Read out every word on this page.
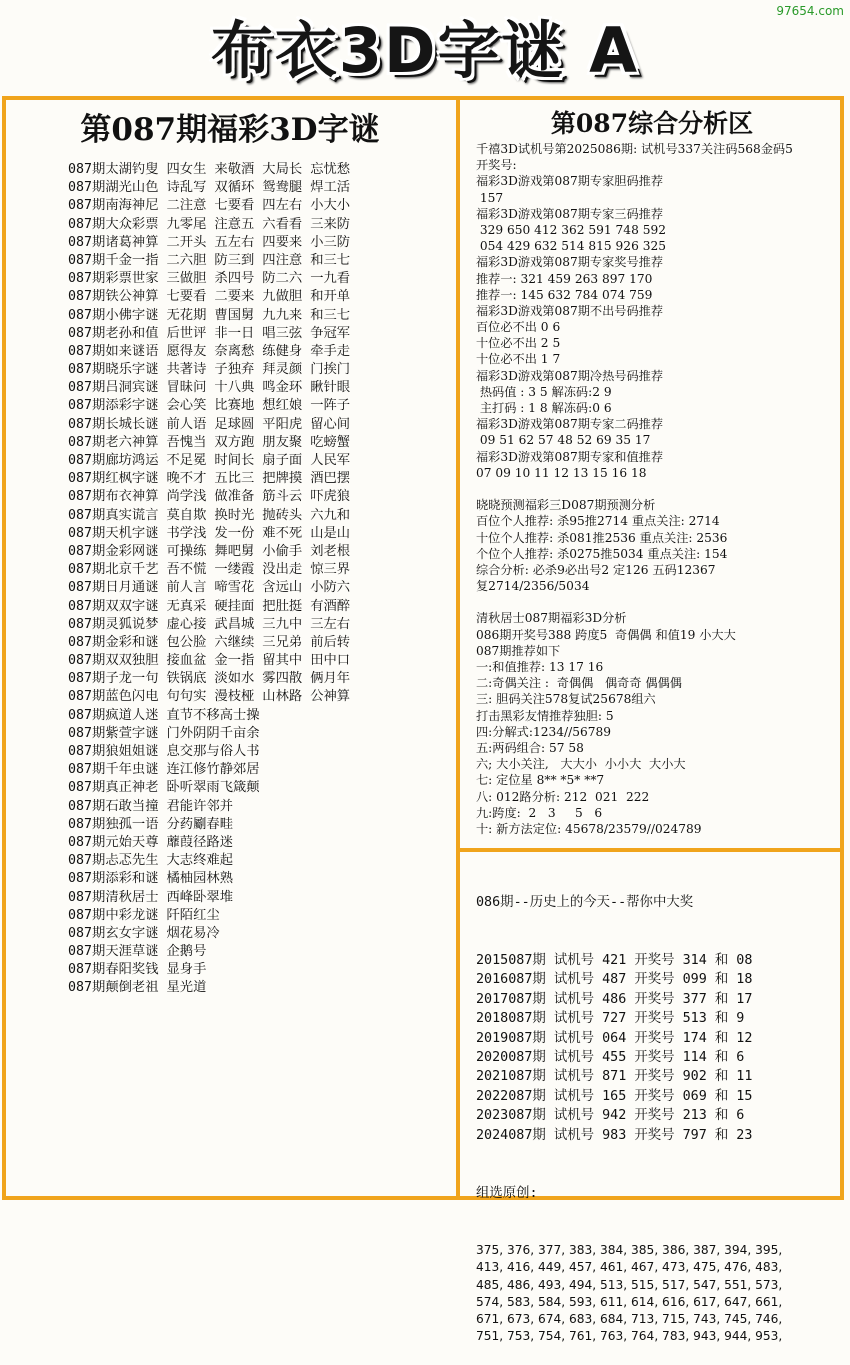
97654.com
布衣3D字谜 A
第087期福彩3D字谜
087期太湖钓叟 四女生 来敬酒 大局长 忘忧愁
087期湖光山色 诗乱写 双循环 鸳鸯腿 焊工活
087期南海神尼 二注意 七要看 四左右 小大小
087期大众彩票 九零尾 注意五 六看看 三来防
087期诸葛神算 二开头 五左右 四要来 小三防
087期千金一指 二六胆 防三到 四注意 和三七
087期彩票世家 三做胆 杀四号 防二六 一九看
087期铁公神算 七要看 二要来 九做胆 和开单
087期小佛字谜 无花期 曹国舅 九九来 和三七
087期老孙和值 后世评 非一日 唱三弦 争冠军
087期如来谜语 愿得友 奈离愁 练健身 牵手走
087期晓乐字谜 共著诗 子独弃 拜灵颜 门挨门
087期吕洞宾谜 冒昧问 十八典 鸣金环 瞅针眼
087期添彩字谜 会心笑 比赛地 想红娘 一阵子
087期长城长谜 前人语 足球圆 平阳虎 留心间
087期老六神算 吾愧当 双方跑 朋友聚 吃螃蟹
087期廊坊鸿运 不足冕 时间长 扇子面 人民军
087期红枫字谜 晚不才 五比三 把牌摸 酒巴摆
087期布衣神算 尚学浅 做准备 筋斗云 吓虎狼
087期真实谎言 莫自欺 换时光 抛砖头 六九和
087期天机字谜 书学浅 发一份 难不死 山是山
087期金彩网谜 可操练 舞吧舅 小偷手 刘老根
087期北京千艺 吾不慌 一缕霞 没出走 惊三界
087期日月通谜 前人言 啼雪花 含远山 小防六
087期双双字谜 无真采 硬挂面 把肚挺 有酒醉
087期灵狐说梦 虚心接 武昌城 三九中 三左右
087期金彩和谜 包公脸 六继续 三兄弟 前后转
087期双双独胆 接血盆 金一指 留其中 田中口
087期子龙一句 铁锅底 淡如水 雾四散 俩月年
087期蓝色闪电 句句实 漫枝桠 山林路 公神算
087期疯道人迷 直节不移高士操
087期紫萱字谜 门外阴阴千亩余
087期狼姐姐谜 息交那与俗人书
087期千年虫谜 连江修竹静郊居
087期真正神老 卧听翠雨飞箴颠
087期石敢当撞 君能许邻并
087期独孤一语 分药劚春畦
087期元始天尊 蘼葭径路迷
087期忐忑先生 大志终难起
087期添彩和谜 橘柚园林熟
087期清秋居士 西峰卧翠堆
087期中彩龙谜 阡陌红尘
087期玄女字谜 烟花易冷
087期天涯草谜 企鹅号
087期春阳奖钱 显身手
087期颠倒老祖 星光道
第087综合分析区
千禧3D试机号第2025086期: 试机号337关注码568金码5
开奖号:
福彩3D游戏第087期专家胆码推荐
157
福彩3D游戏第087期专家三码推荐
329 650 412 362 591 748 592
054 429 632 514 815 926 325
福彩3D游戏第087期专家奖号推荐
推荐一: 321 459 263 897 170
推荐一: 145 632 784 074 759
福彩3D游戏第087期不出号码推荐
百位必不出 0 6
十位必不出 2 5
十位必不出 1 7
福彩3D游戏第087期冷热号码推荐
热码值 : 3 5 解冻码:2 9
主打码 : 1 8 解冻码:0 6
福彩3D游戏第087期专家二码推荐
09 51 62 57 48 52 69 35 17
福彩3D游戏第087期专家和值推荐
07 09 10 11 12 13 15 16 18
晓晓预测福彩三D087期预测分析
百位个人推荐: 杀95推2714 重点关注: 2714
十位个人推荐: 杀081推2536 重点关注: 2536
个位个人推荐: 杀0275推5034 重点关注: 154
综合分析: 必杀9必出号2 定126 五码12367
复2714/2356/5034
清秋居士087期福彩3D分析
086期开奖号388 跨度5  奇偶偶 和值19 小大大
087期推荐如下
一:和值推荐: 13 17 16
二:奇偶关注 :  奇偶偶   偶奇奇 偶偶偶
三: 胆码关注578复试25678组六
打击黑彩友情推荐独胆: 5
四:分解式:1234//56789
五:两码组合: 57 58
六; 大小关注,   大大小  小小大  大小大
七: 定位星 8** *5* **7
八: 012路分析: 212  021  222
九:跨度:  2   3     5   6
十: 新方法定位: 45678/23579//024789

086期--历史上的今天--帮你中大奖

2015087期 试机号 421 开奖号 314 和 08
2016087期 试机号 487 开奖号 099 和 18
2017087期 试机号 486 开奖号 377 和 17
2018087期 试机号 727 开奖号 513 和 9
2019087期 试机号 064 开奖号 174 和 12
2020087期 试机号 455 开奖号 114 和 6
2021087期 试机号 871 开奖号 902 和 11
2022087期 试机号 165 开奖号 069 和 15
2023087期 试机号 942 开奖号 213 和 6
2024087期 试机号 983 开奖号 797 和 23

组选原创:

375, 376, 377, 383, 384, 385, 386, 387, 394, 395,
413, 416, 449, 457, 461, 467, 473, 475, 476, 483,
485, 486, 493, 494, 513, 515, 517, 547, 551, 573,
574, 583, 584, 593, 611, 614, 616, 617, 647, 661,
671, 673, 674, 683, 684, 713, 715, 743, 745, 746,
751, 753, 754, 761, 763, 764, 783, 943, 944, 953,
